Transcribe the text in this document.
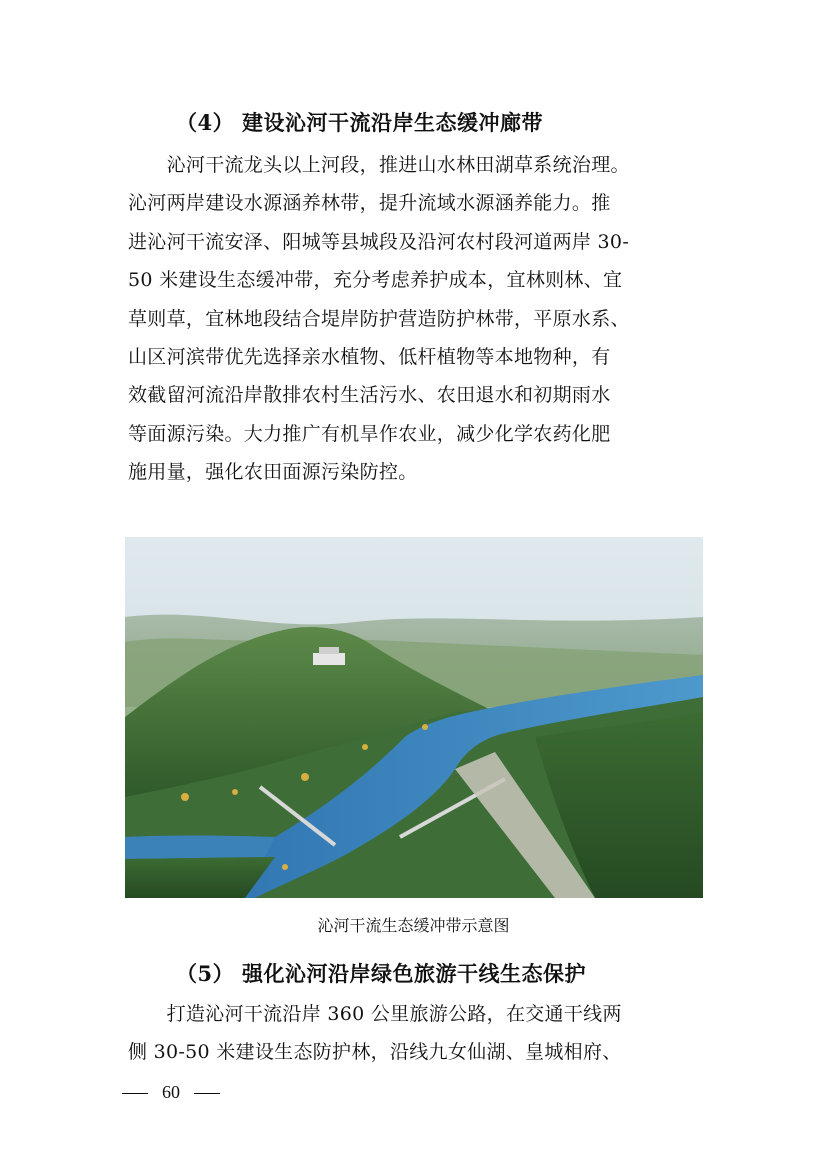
（4） 建设沁河干流沿岸生态缓冲廊带
　　沁河干流龙头以上河段，推进山水林田湖草系统治理。
沁河两岸建设水源涵养林带，提升流域水源涵养能力。推
进沁河干流安泽、阳城等县城段及沿河农村段河道两岸 30-
50 米建设生态缓冲带，充分考虑养护成本，宜林则林、宜
草则草，宜林地段结合堤岸防护营造防护林带，平原水系、
山区河滨带优先选择亲水植物、低杆植物等本地物种，有
效截留河流沿岸散排农村生活污水、农田退水和初期雨水
等面源污染。大力推广有机旱作农业，减少化学农药化肥
施用量，强化农田面源污染防控。
沁河干流生态缓冲带示意图
（5） 强化沁河沿岸绿色旅游干线生态保护
　　打造沁河干流沿岸 360 公里旅游公路，在交通干线两
侧 30-50 米建设生态防护林，沿线九女仙湖、皇城相府、
60
